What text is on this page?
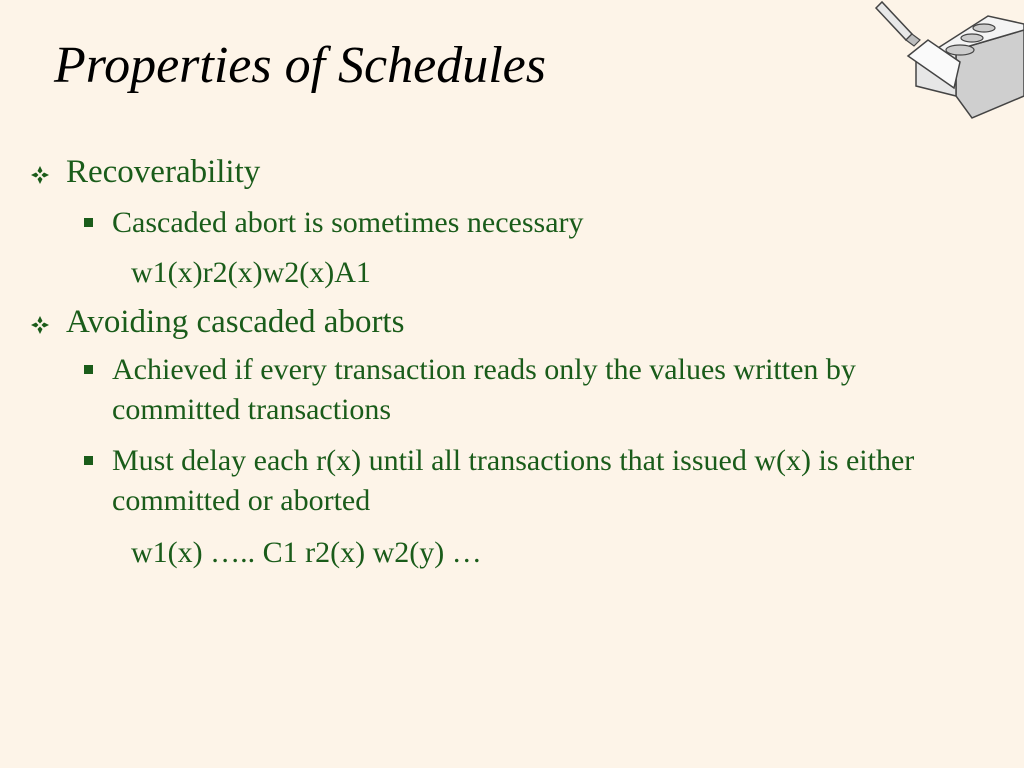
Properties of Schedules
Recoverability
Cascaded abort is sometimes necessary
w1(x)r2(x)w2(x)A1
Avoiding cascaded aborts
Achieved if every transaction reads only the values written by committed transactions
Must delay each r(x) until all transactions that issued w(x) is either committed or aborted
w1(x) ….. C1 r2(x) w2(y) …
